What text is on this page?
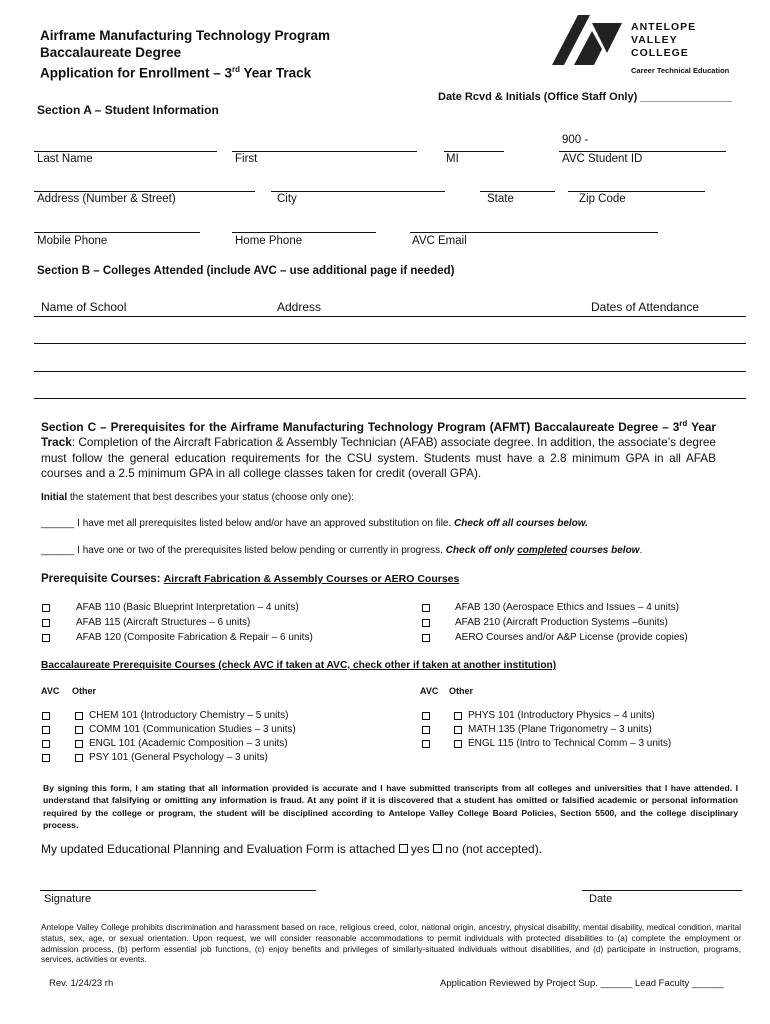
Airframe Manufacturing Technology Program
Baccalaureate Degree
Application for Enrollment – 3rd Year Track
ANTELOPE
VALLEY
COLLEGE
Career Technical Education
Date Rcvd & Initials (Office Staff Only) _______________
Section A – Student Information
900 -
Last Name	First	MI	AVC Student ID
Address (Number & Street)	City	State	Zip Code
Mobile Phone	Home Phone	AVC Email
Section B – Colleges Attended (include AVC – use additional page if needed)
Name of School	Address	Dates of Attendance
Section C – Prerequisites for the Airframe Manufacturing Technology Program (AFMT) Baccalaureate Degree – 3rd Year Track: Completion of the Aircraft Fabrication & Assembly Technician (AFAB) associate degree. In addition, the associate’s degree must follow the general education requirements for the CSU system. Students must have a 2.8 minimum GPA in all AFAB courses and a 2.5 minimum GPA in all college classes taken for credit (overall GPA).
Initial the statement that best describes your status (choose only one):
______ I have met all prerequisites listed below and/or have an approved substitution on file. Check off all courses below.
______ I have one or two of the prerequisites listed below pending or currently in progress. Check off only completed courses below.
Prerequisite Courses: Aircraft Fabrication & Assembly Courses or AERO Courses
AFAB 110 (Basic Blueprint Interpretation – 4 units)
AFAB 115 (Aircraft Structures – 6 units)
AFAB 120 (Composite Fabrication & Repair – 6 units)
AFAB 130 (Aerospace Ethics and Issues – 4 units)
AFAB 210 (Aircraft Production Systems –6units)
AERO Courses and/or A&P License (provide copies)
Baccalaureate Prerequisite Courses (check AVC if taken at AVC, check other if taken at another institution)
AVC Other	AVC Other
CHEM 101 (Introductory Chemistry – 5 units)
COMM 101 (Communication Studies – 3 units)
ENGL 101 (Academic Composition – 3 units)
PSY 101 (General Psychology – 3 units)
PHYS 101 (Introductory Physics – 4 units)
MATH 135 (Plane Trigonometry – 3 units)
ENGL 115 (Intro to Technical Comm – 3 units)
By signing this form, I am stating that all information provided is accurate and I have submitted transcripts from all colleges and universities that I have attended. I understand that falsifying or omitting any information is fraud. At any point if it is discovered that a student has omitted or falsified academic or personal information required by the college or program, the student will be disciplined according to Antelope Valley College Board Policies, Section 5500, and the college disciplinary process.
My updated Educational Planning and Evaluation Form is attached yes no (not accepted).
Signature	Date
Antelope Valley College prohibits discrimination and harassment based on race, religious creed, color, national origin, ancestry, physical disability, mental disability, medical condition, marital status, sex, age, or sexual orientation. Upon request, we will consider reasonable accommodations to permit individuals with protected disabilities to (a) complete the employment or admission process, (b) perform essential job functions, (c) enjoy benefits and privileges of similarly-situated individuals without disabilities, and (d) participate in instruction, programs, services, activities or events.
Rev. 1/24/23 rh	Application Reviewed by Project Sup. ______ Lead Faculty ______
